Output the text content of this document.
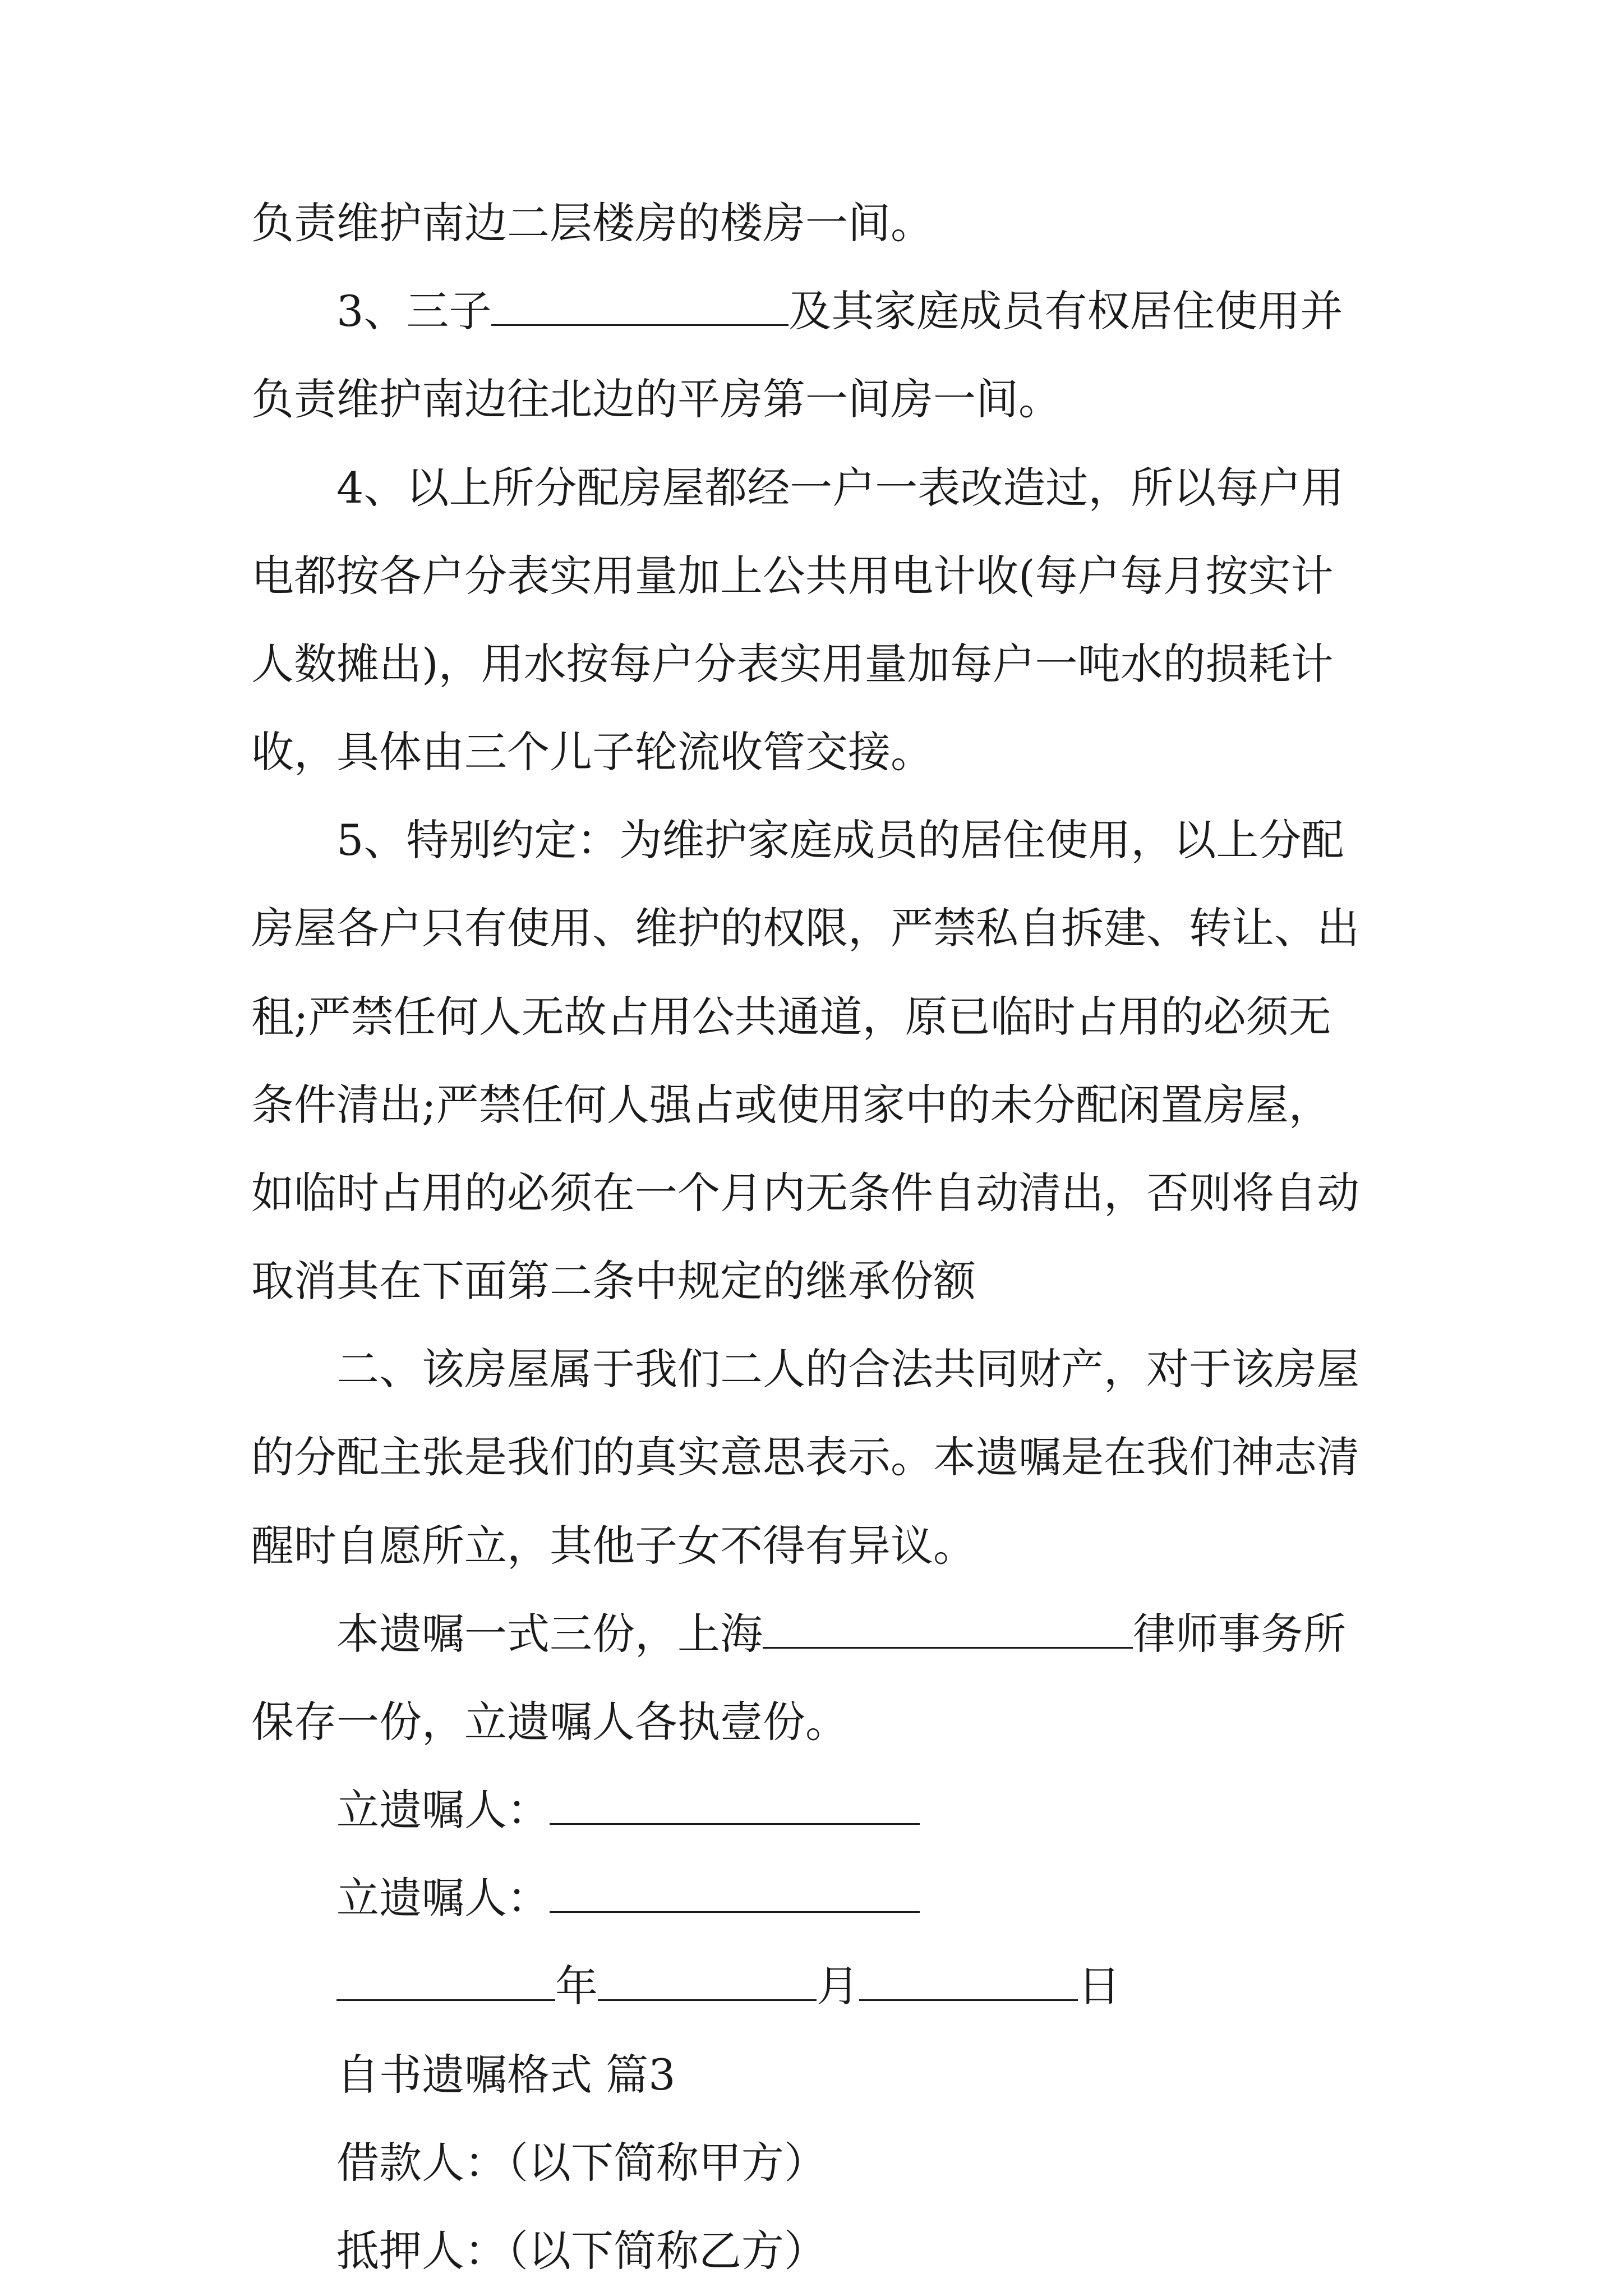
负责维护南边二层楼房的楼房一间。
3、三子	及其家庭成员有权居住使用并
负责维护南边往北边的平房第一间房一间。
4、以上所分配房屋都经一户一表改造过，所以每户用
电都按各户分表实用量加上公共用电计收(每户每月按实计
人数摊出)，用水按每户分表实用量加每户一吨水的损耗计
收，具体由三个儿子轮流收管交接。
5、特别约定：为维护家庭成员的居住使用，以上分配
房屋各户只有使用、维护的权限，严禁私自拆建、转让、出
租;严禁任何人无故占用公共通道，原已临时占用的必须无
条件清出;严禁任何人强占或使用家中的未分配闲置房屋，
如临时占用的必须在一个月内无条件自动清出，否则将自动
取消其在下面第二条中规定的继承份额
二、该房屋属于我们二人的合法共同财产，对于该房屋
的分配主张是我们的真实意思表示。本遗嘱是在我们神志清
醒时自愿所立，其他子女不得有异议。
本遗嘱一式三份，上海	律师事务所
保存一份，立遗嘱人各执壹份。
立遗嘱人：
立遗嘱人：
年	月	日
自书遗嘱格式 篇3
借款人：（以下简称甲方）
抵押人：（以下简称乙方）
